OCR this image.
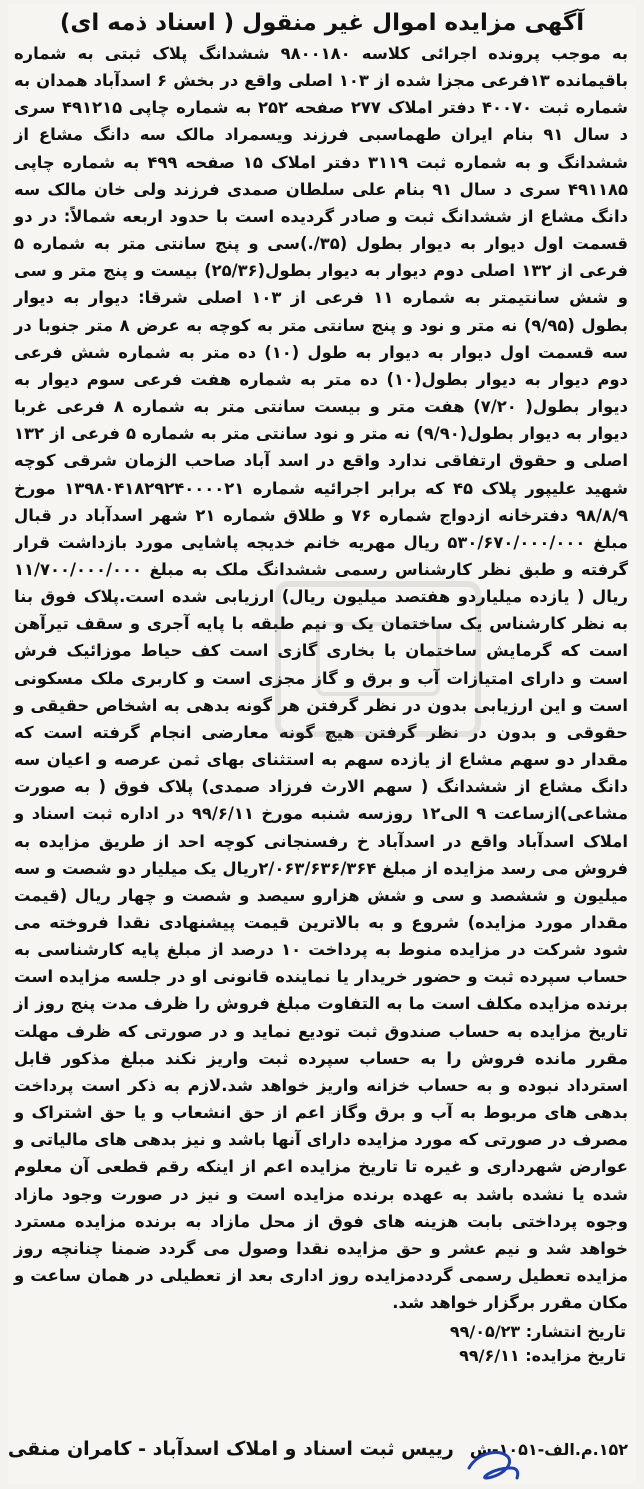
آگهی مزایده اموال غیر منقول ( اسناد ذمه ای)

به موجب پرونده اجرائی کلاسه ۹۸۰۰۱۸۰ ششدانگ پلاک ثبتی به شماره باقیمانده ۱۳فرعی مجزا شده از ۱۰۳ اصلی واقع در بخش ۶ اسدآباد همدان به شماره ثبت ۴۰۰۷۰ دفتر املاک ۲۷۷ صفحه ۲۵۲ به شماره چاپی ۴۹۱۲۱۵ سری د سال ۹۱ بنام ایران طهماسبی فرزند ویسمراد مالک سه دانگ مشاع از ششدانگ و به شماره ثبت ۳۱۱۹ دفتر املاک ۱۵ صفحه ۴۹۹ به شماره چاپی ۴۹۱۱۸۵ سری د سال ۹۱ بنام علی سلطان صمدی فرزند ولی خان مالک سه دانگ مشاع از ششدانگ ثبت و صادر گردیده است با حدود اربعه شمالاً: در دو قسمت اول دیوار به دیوار بطول (۳۵/.)سی و پنج سانتی متر به شماره ۵ فرعی از ۱۳۲ اصلی دوم دیوار به دیوار بطول(۲۵/۳۶) بیست و پنج متر و سی و شش سانتیمتر به شماره ۱۱ فرعی از ۱۰۳ اصلی شرقا: دیوار به دیوار بطول (۹/۹۵) نه متر و نود و پنج سانتی متر به کوچه به عرض ۸ متر جنوبا در سه قسمت اول دیوار به دیوار به طول (۱۰) ده متر به شماره شش فرعی دوم دیوار به دیوار بطول(۱۰) ده متر به شماره هفت فرعی سوم دیوار به دیوار بطول( ۷/۲۰) هفت متر و بیست سانتی متر به شماره ۸ فرعی غربا دیوار به دیوار بطول(۹/۹۰) نه متر و نود سانتی متر به شماره ۵ فرعی از ۱۳۲ اصلی و حقوق ارتفاقی ندارد واقع در اسد آباد صاحب الزمان شرقی کوچه شهید علیپور پلاک ۴۵ که برابر اجرائیه شماره ۱۳۹۸۰۴۱۸۲۹۲۴۰۰۰۰۲۱ مورخ ۹۸/۸/۹ دفترخانه ازدواج شماره ۷۶ و طلاق شماره ۲۱ شهر اسدآباد در قبال مبلغ ۵۳۰/۶۷۰/۰۰۰/۰۰۰ ریال مهریه خانم خدیجه پاشایی مورد بازداشت قرار گرفته و طبق نظر کارشناس رسمی ششدانگ ملک به مبلغ ۱۱/۷۰۰/۰۰۰/۰۰۰ ریال ( یازده میلیاردو هفتصد میلیون ریال) ارزیابی شده است.پلاک فوق بنا به نظر کارشناس یک ساختمان یک و نیم طبقه با پایه آجری و سقف تیرآهن است که گرمایش ساختمان با بخاری گازی است کف حیاط موزائیک فرش است و دارای امتیازات آب و برق و گاز مجزی است و کاربری ملک مسکونی است و این ارزیابی بدون در نظر گرفتن هر گونه بدهی به اشخاص حقیقی و حقوقی و بدون در نظر گرفتن هیچ گونه معارضی انجام گرفته است که مقدار دو سهم مشاع از یازده سهم به استثنای بهای ثمن عرصه و اعیان سه دانگ مشاع از ششدانگ ( سهم الارث فرزاد صمدی) پلاک فوق ( به صورت مشاعی)ازساعت ۹ الی۱۲ روزسه شنبه مورخ ۹۹/۶/۱۱ در اداره ثبت اسناد و املاک اسدآباد واقع در اسدآباد خ رفسنجانی کوچه احد از طریق مزایده به فروش می رسد مزایده از مبلغ ۲/۰۶۳/۶۳۶/۳۶۴ریال یک میلیار دو شصت و سه میلیون و ششصد و سی و شش هزارو سیصد و شصت و چهار ریال (قیمت مقدار مورد مزایده) شروع و به بالاترین قیمت پیشنهادی نقدا فروخته می شود شرکت در مزایده منوط به پرداخت ۱۰ درصد از مبلغ پایه کارشناسی به حساب سپرده ثبت و حضور خریدار یا نماینده قانونی او در جلسه مزایده است برنده مزایده مکلف است ما به التفاوت مبلغ فروش را ظرف مدت پنج روز از تاریخ مزایده به حساب صندوق ثبت تودیع نماید و در صورتی که ظرف مهلت مقرر مانده فروش را به حساب سپرده ثبت واریز نکند مبلغ مذکور قابل استرداد نبوده و به حساب خزانه واریز خواهد شد.لازم به ذکر است پرداخت بدهی های مربوط به آب و برق وگاز اعم از حق انشعاب و یا حق اشتراک و مصرف در صورتی که مورد مزایده دارای آنها باشد و نیز بدهی های مالیاتی و عوارض شهرداری و غیره تا تاریخ مزایده اعم از اینکه رقم قطعی آن معلوم شده یا نشده باشد به عهده برنده مزایده است و نیز در صورت وجود مازاد وجوه پرداختی بابت هزینه های فوق از محل مازاد به برنده مزایده مسترد خواهد شد و نیم عشر و حق مزایده نقدا وصول می گردد ضمنا چنانچه روز مزایده تعطیل رسمی گرددمزایده روز اداری بعد از تعطیلی در همان ساعت و مکان مقرر برگزار خواهد شد.

تاریخ انتشار: ۹۹/۰۵/۲۳
تاریخ مزایده: ۹۹/۶/۱۱
۱۵۲.م.الف-۱۰۵۱-ش
رییس ثبت اسناد و املاک اسدآباد - کامران منقی
